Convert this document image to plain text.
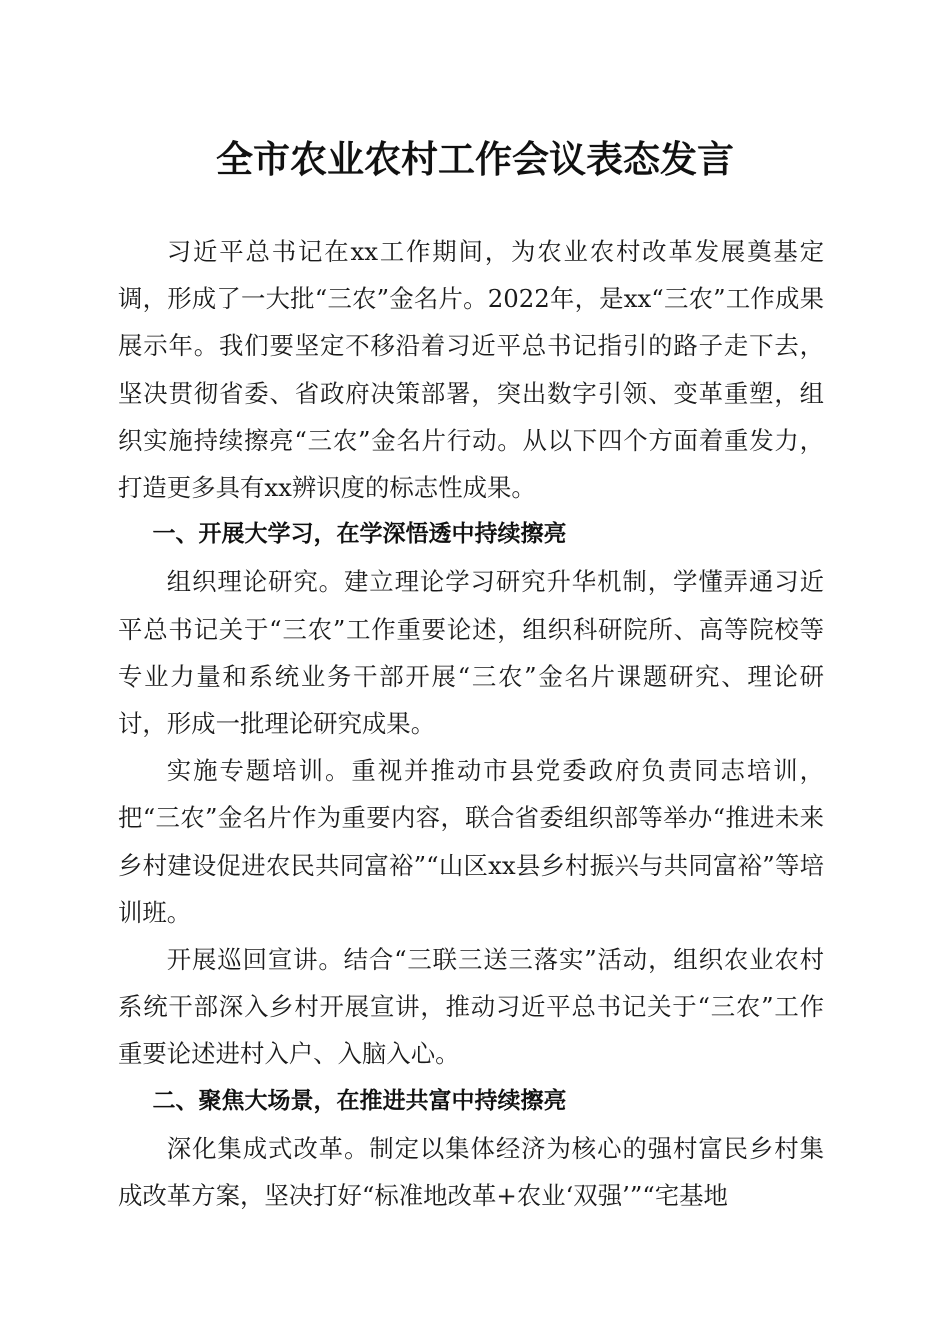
全市农业农村工作会议表态发言

习近平总书记在xx工作期间，为农业农村改革发展奠基定调，形成了一大批“三农”金名片。2022年，是xx“三农”工作成果展示年。我们要坚定不移沿着习近平总书记指引的路子走下去，坚决贯彻省委、省政府决策部署，突出数字引领、变革重塑，组织实施持续擦亮“三农”金名片行动。从以下四个方面着重发力，打造更多具有xx辨识度的标志性成果。

一、开展大学习，在学深悟透中持续擦亮

组织理论研究。建立理论学习研究升华机制，学懂弄通习近平总书记关于“三农”工作重要论述，组织科研院所、高等院校等专业力量和系统业务干部开展“三农”金名片课题研究、理论研讨，形成一批理论研究成果。

实施专题培训。重视并推动市县党委政府负责同志培训，把“三农”金名片作为重要内容，联合省委组织部等举办“推进未来乡村建设促进农民共同富裕”“山区xx县乡村振兴与共同富裕”等培训班。

开展巡回宣讲。结合“三联三送三落实”活动，组织农业农村系统干部深入乡村开展宣讲，推动习近平总书记关于“三农”工作重要论述进村入户、入脑入心。

二、聚焦大场景，在推进共富中持续擦亮

深化集成式改革。制定以集体经济为核心的强村富民乡村集成改革方案，坚决打好“标准地改革+农业‘双强’”“宅基地
